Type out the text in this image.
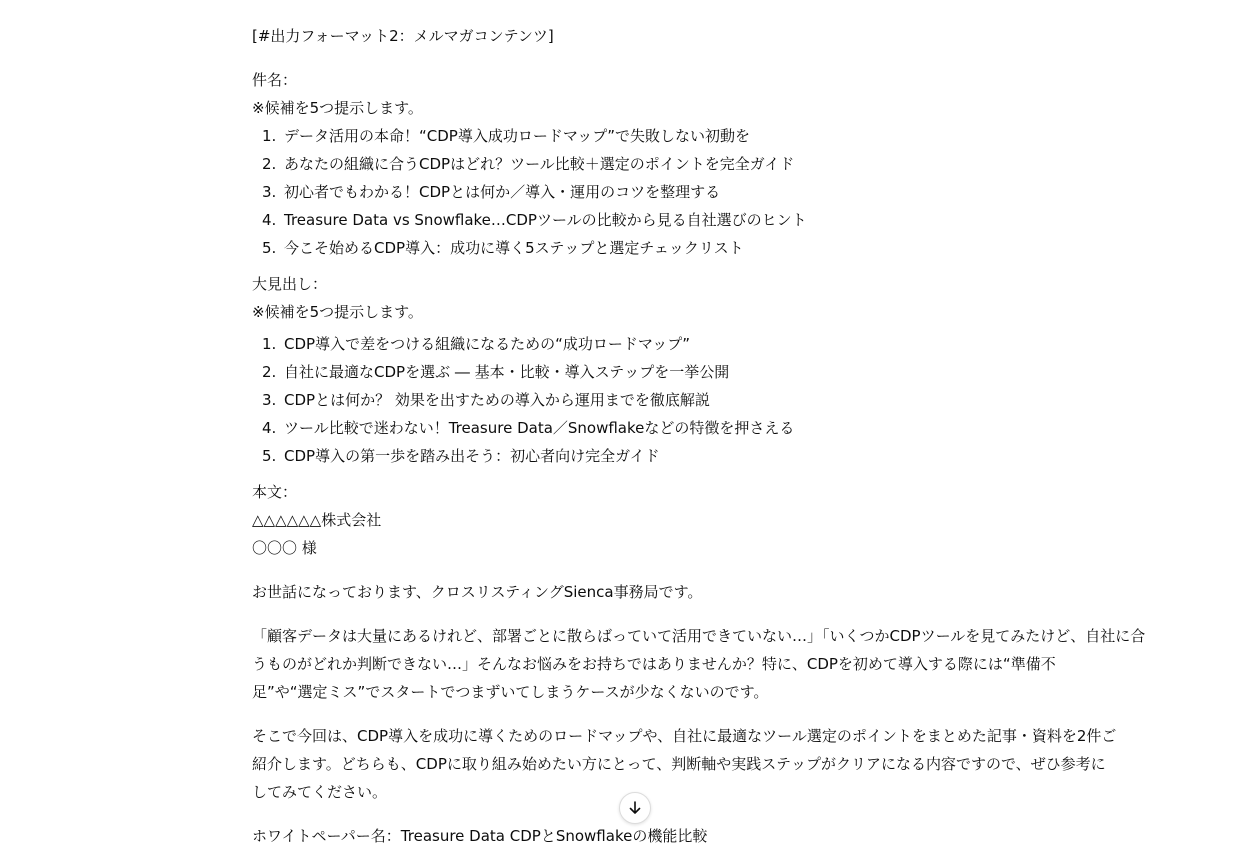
[#出力フォーマット2：メルマガコンテンツ]
件名：
※候補を5つ提示します。
1. データ活用の本命！“CDP導入成功ロードマップ”で失敗しない初動を
2. あなたの組織に合うCDPはどれ？ツール比較＋選定のポイントを完全ガイド
3. 初心者でもわかる！CDPとは何か／導入・運用のコツを整理する
4. Treasure Data vs Snowflake…CDPツールの比較から見る自社選びのヒント
5. 今こそ始めるCDP導入：成功に導く5ステップと選定チェックリスト
大見出し：
※候補を5つ提示します。
1. CDP導入で差をつける組織になるための“成功ロードマップ”
2. 自社に最適なCDPを選ぶ ― 基本・比較・導入ステップを一挙公開
3. CDPとは何か？ 効果を出すための導入から運用までを徹底解説
4. ツール比較で迷わない！Treasure Data／Snowflakeなどの特徴を押さえる
5. CDP導入の第一歩を踏み出そう：初心者向け完全ガイド
本文：
△△△△△△株式会社
〇〇〇 様
お世話になっております、クロスリスティングSienca事務局です。
「顧客データは大量にあるけれど、部署ごとに散らばっていて活用できていない…」「いくつかCDPツールを見てみたけど、自社に合
うものがどれか判断できない…」そんなお悩みをお持ちではありませんか？特に、CDPを初めて導入する際には“準備不
足”や“選定ミス”でスタートでつまずいてしまうケースが少なくないのです。
そこで今回は、CDP導入を成功に導くためのロードマップや、自社に最適なツール選定のポイントをまとめた記事・資料を2件ご
紹介します。どちらも、CDPに取り組み始めたい方にとって、判断軸や実践ステップがクリアになる内容ですので、ぜひ参考に
してみてください。
ホワイトペーパー名：Treasure Data CDPとSnowflakeの機能比較
